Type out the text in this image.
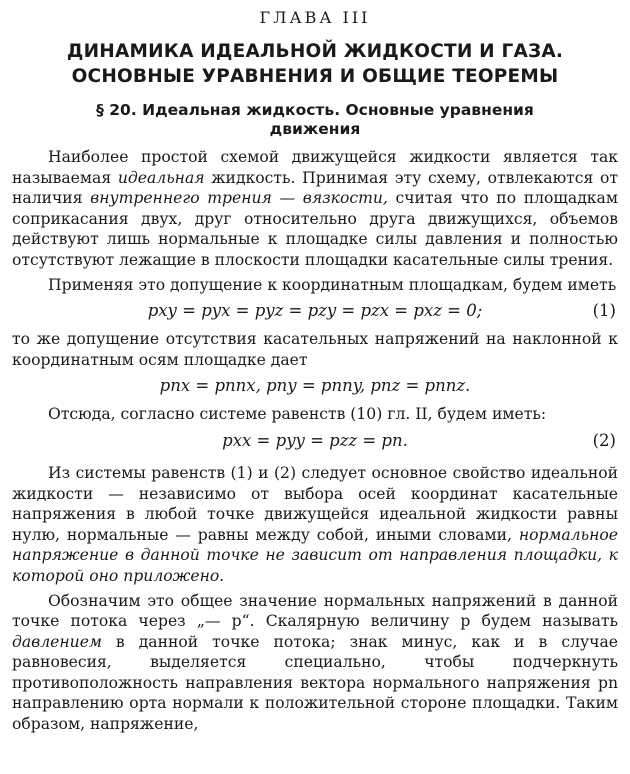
ГЛАВА III
ДИНАМИКА ИДЕАЛЬНОЙ ЖИДКОСТИ И ГАЗА.
ОСНОВНЫЕ УРАВНЕНИЯ И ОБЩИЕ ТЕОРЕМЫ
§ 20. Идеальная жидкость. Основные уравнения
движения

Наиболее простой схемой движущейся жидкости является так называемая идеальная жидкость. Принимая эту схему, отвлекаются от наличия внутреннего трения — вязкости, считая что по площадкам соприкасания двух, друг относительно друга движущихся, объемов действуют лишь нормальные к площадке силы давления и полностью отсутствуют лежащие в плоскости площадки касательные силы трения.

Применяя это допущение к координатным площадкам, будем иметь

pxy = pyx = pyz = pzy = pzx = pxz = 0;	(1)

то же допущение отсутствия касательных напряжений на наклонной к координатным осям площадке дает

pnx = pnnx, pny = pnny, pnz = pnnz.

Отсюда, согласно системе равенств (10) гл. II, будем иметь:

pxx = pyy = pzz = pn.	(2)

Из системы равенств (1) и (2) следует основное свойство идеальной жидкости — независимо от выбора осей координат касательные напряжения в любой точке движущейся идеальной жидкости равны нулю, нормальные — равны между собой, иными словами, нормальное напряжение в данной точке не зависит от направления площадки, к которой оно приложено.

Обозначим это общее значение нормальных напряжений в данной точке потока через „— p“. Скалярную величину p будем называть давлением в данной точке потока; знак минус, как и в случае равновесия, выделяется специально, чтобы подчеркнуть противоположность направления вектора нормального напряжения pn направлению орта нормали к положительной стороне площадки. Таким образом, напряжение,
